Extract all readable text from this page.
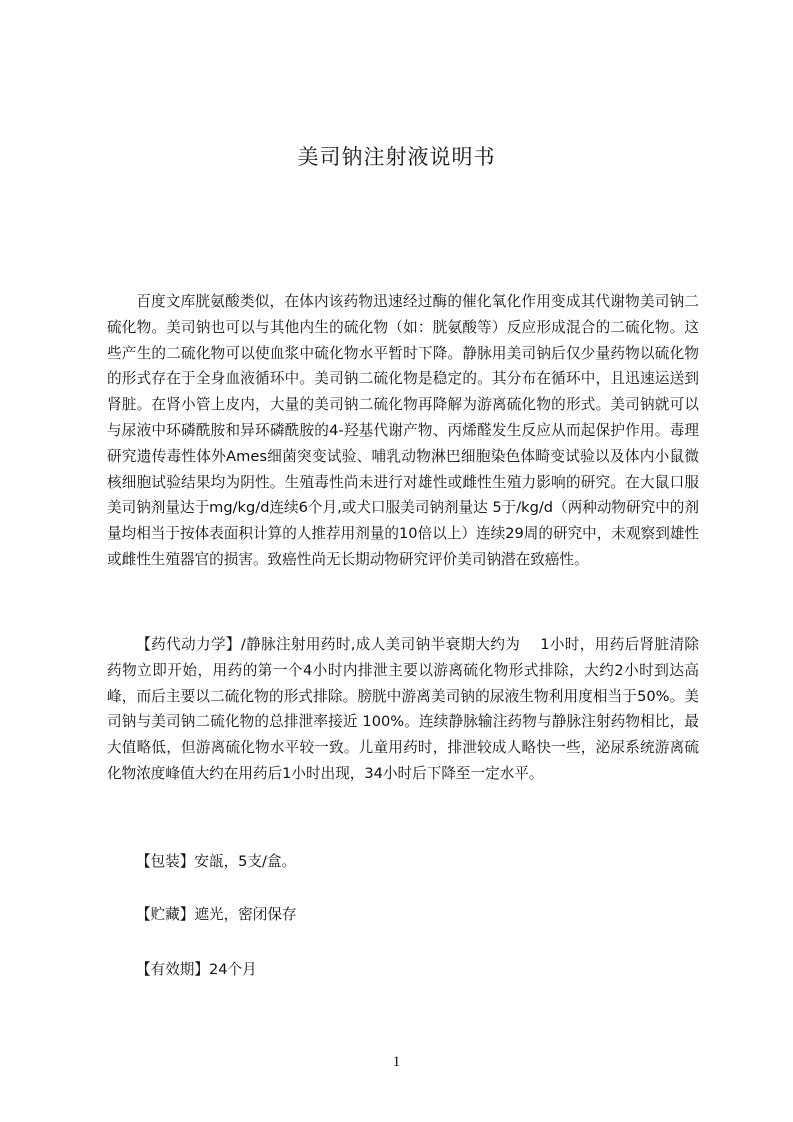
美司钠注射液说明书

百度文库胱氨酸类似，在体内该药物迅速经过酶的催化氧化作用变成其代谢物美司钠二硫化物。美司钠也可以与其他内生的硫化物（如：胱氨酸等）反应形成混合的二硫化物。这些产生的二硫化物可以使血浆中硫化物水平暂时下降。静脉用美司钠后仅少量药物以硫化物的形式存在于全身血液循环中。美司钠二硫化物是稳定的。其分布在循环中，且迅速运送到肾脏。在肾小管上皮内，大量的美司钠二硫化物再降解为游离硫化物的形式。美司钠就可以与尿液中环磷酰胺和异环磷酰胺的4-羟基代谢产物、丙烯醛发生反应从而起保护作用。毒理研究遗传毒性体外Ames细菌突变试验、哺乳动物淋巴细胞染色体畸变试验以及体内小鼠微核细胞试验结果均为阴性。生殖毒性尚未进行对雄性或雌性生殖力影响的研究。在大鼠口服美司钠剂量达于mg/kg/d连续6个月,或犬口服美司钠剂量达 5于/kg/d（两种动物研究中的剂量均相当于按体表面积计算的人推荐用剂量的10倍以上）连续29周的研究中，未观察到雄性或雌性生殖器官的损害。致癌性尚无长期动物研究评价美司钠潜在致癌性。

【药代动力学】/静脉注射用药时,成人美司钠半衰期大约为　 1小时，用药后肾脏清除药物立即开始，用药的第一个4小时内排泄主要以游离硫化物形式排除，大约2小时到达高峰，而后主要以二硫化物的形式排除。膀胱中游离美司钠的尿液生物利用度相当于50%。美司钠与美司钠二硫化物的总排泄率接近 100%。连续静脉输注药物与静脉注射药物相比，最大值略低，但游离硫化物水平较一致。儿童用药时，排泄较成人略快一些，泌尿系统游离硫化物浓度峰值大约在用药后1小时出现，34小时后下降至一定水平。

【包装】安瓿，5支/盒。

【贮藏】遮光，密闭保存

【有效期】24个月

1
